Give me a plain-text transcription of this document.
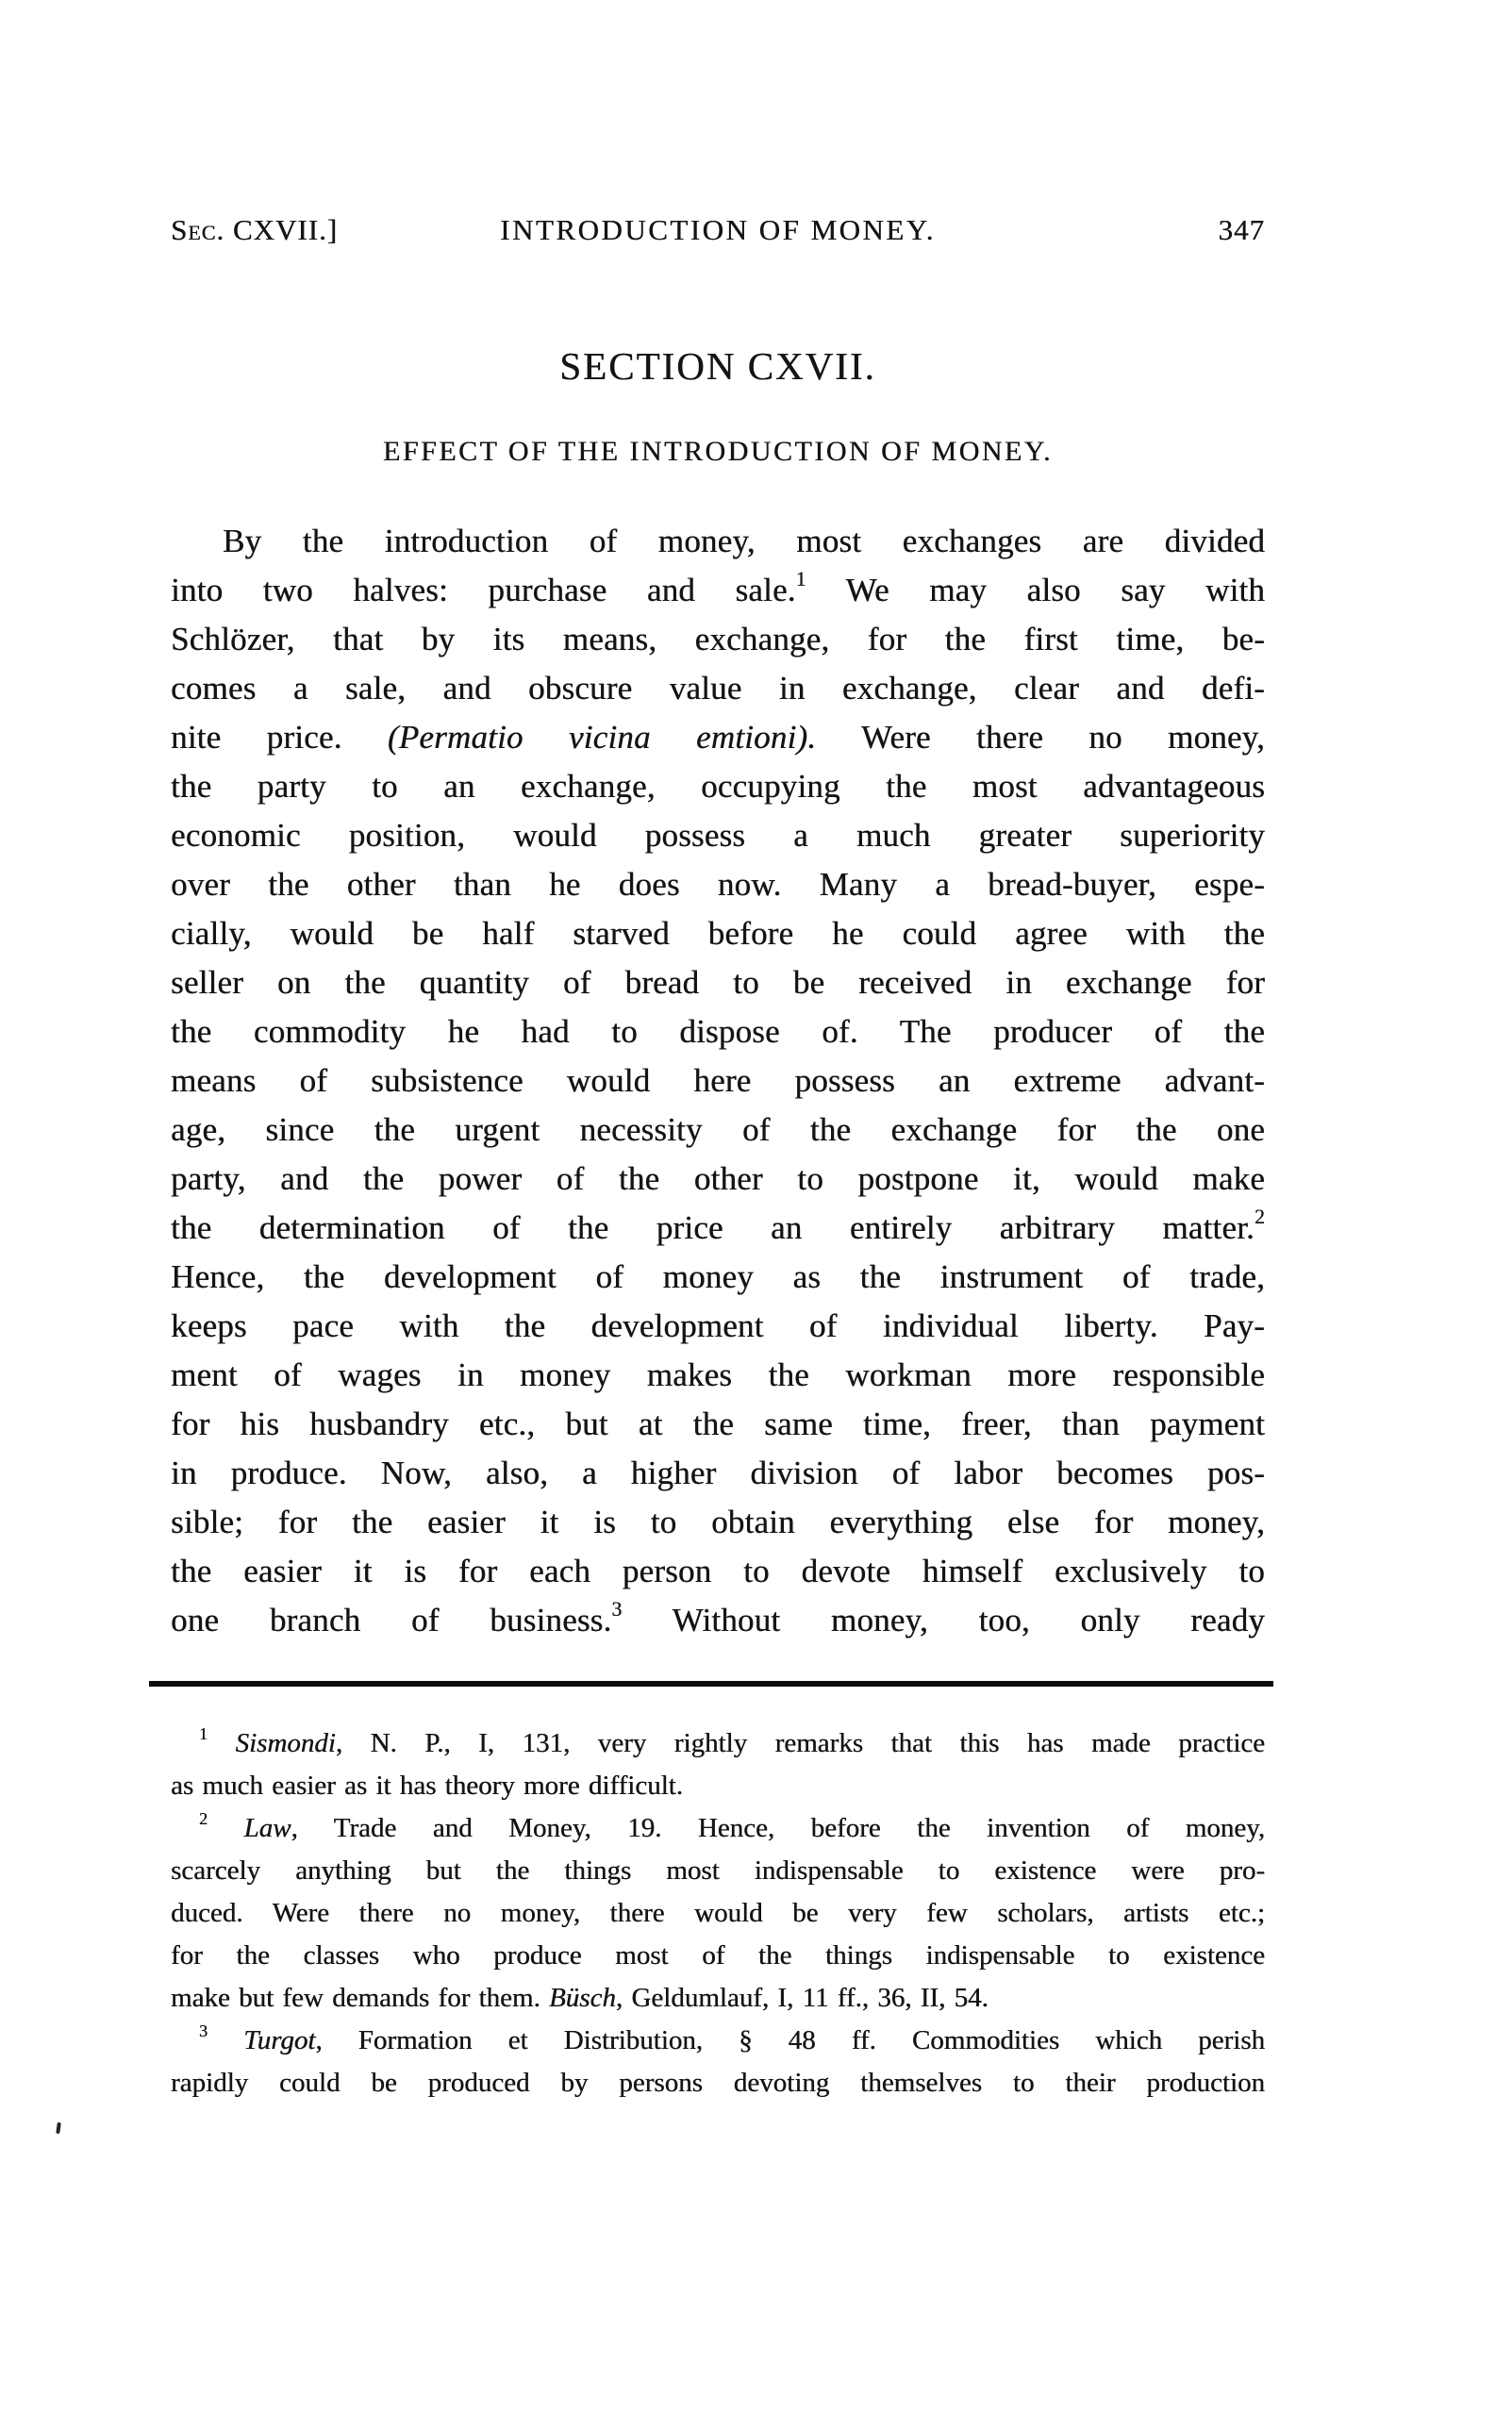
Sec. CXVII.]	INTRODUCTION OF MONEY.	347
SECTION CXVII.
EFFECT OF THE INTRODUCTION OF MONEY.
By the introduction of money, most exchanges are divided
into two halves: purchase and sale.$^1$ We may also say with
Schlözer, that by its means, exchange, for the first time, be-
comes a sale, and obscure value in exchange, clear and defi-
nite price. (Permatio vicina emtioni). Were there no money,
the party to an exchange, occupying the most advantageous
economic position, would possess a much greater superiority
over the other than he does now. Many a bread-buyer, espe-
cially, would be half starved before he could agree with the
seller on the quantity of bread to be received in exchange for
the commodity he had to dispose of. The producer of the
means of subsistence would here possess an extreme advant-
age, since the urgent necessity of the exchange for the one
party, and the power of the other to postpone it, would make
the determination of the price an entirely arbitrary matter.$^2$
Hence, the development of money as the instrument of trade,
keeps pace with the development of individual liberty. Pay-
ment of wages in money makes the workman more responsible
for his husbandry etc., but at the same time, freer, than payment
in produce. Now, also, a higher division of labor becomes pos-
sible; for the easier it is to obtain everything else for money,
the easier it is for each person to devote himself exclusively to
one branch of business.$^3$ Without money, too, only ready
$^1$ Sismondi, N. P., I, 131, very rightly remarks that this has made practice
as much easier as it has theory more difficult.
$^2$ Law, Trade and Money, 19. Hence, before the invention of money,
scarcely anything but the things most indispensable to existence were pro-
duced. Were there no money, there would be very few scholars, artists etc.;
for the classes who produce most of the things indispensable to existence
make but few demands for them. Büsch, Geldumlauf, I, 11 ff., 36, II, 54.
$^3$ Turgot, Formation et Distribution, § 48 ff. Commodities which perish
rapidly could be produced by persons devoting themselves to their production
